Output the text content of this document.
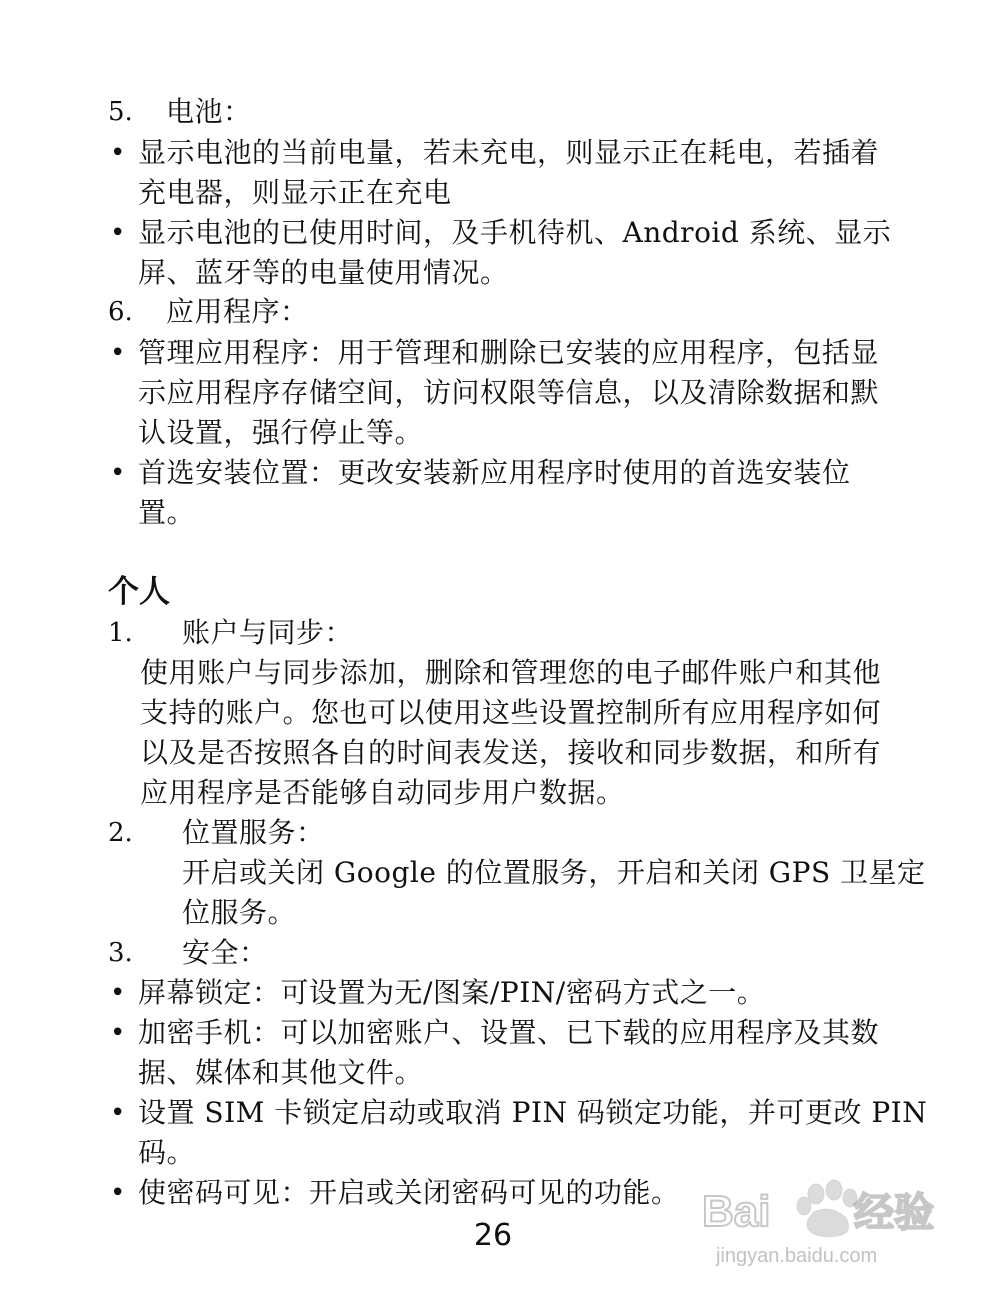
5. 电池：
• 显示电池的当前电量，若未充电，则显示正在耗电，若插着
充电器，则显示正在充电
• 显示电池的已使用时间，及手机待机、Android 系统、显示
屏、蓝牙等的电量使用情况。
6. 应用程序：
• 管理应用程序：用于管理和删除已安装的应用程序，包括显
示应用程序存储空间，访问权限等信息，以及清除数据和默
认设置，强行停止等。
• 首选安装位置：更改安装新应用程序时使用的首选安装位
置。
个人
1. 账户与同步：
使用账户与同步添加，删除和管理您的电子邮件账户和其他
支持的账户。您也可以使用这些设置控制所有应用程序如何
以及是否按照各自的时间表发送，接收和同步数据，和所有
应用程序是否能够自动同步用户数据。
2. 位置服务：
开启或关闭 Google 的位置服务，开启和关闭 GPS 卫星定
位服务。
3. 安全：
• 屏幕锁定：可设置为无/图案/PIN/密码方式之一。
• 加密手机：可以加密账户、设置、已下载的应用程序及其数
据、媒体和其他文件。
• 设置 SIM 卡锁定启动或取消 PIN 码锁定功能，并可更改 PIN
码。
• 使密码可见：开启或关闭密码可见的功能。
26	Bai 经验
jingyan.baidu.com
